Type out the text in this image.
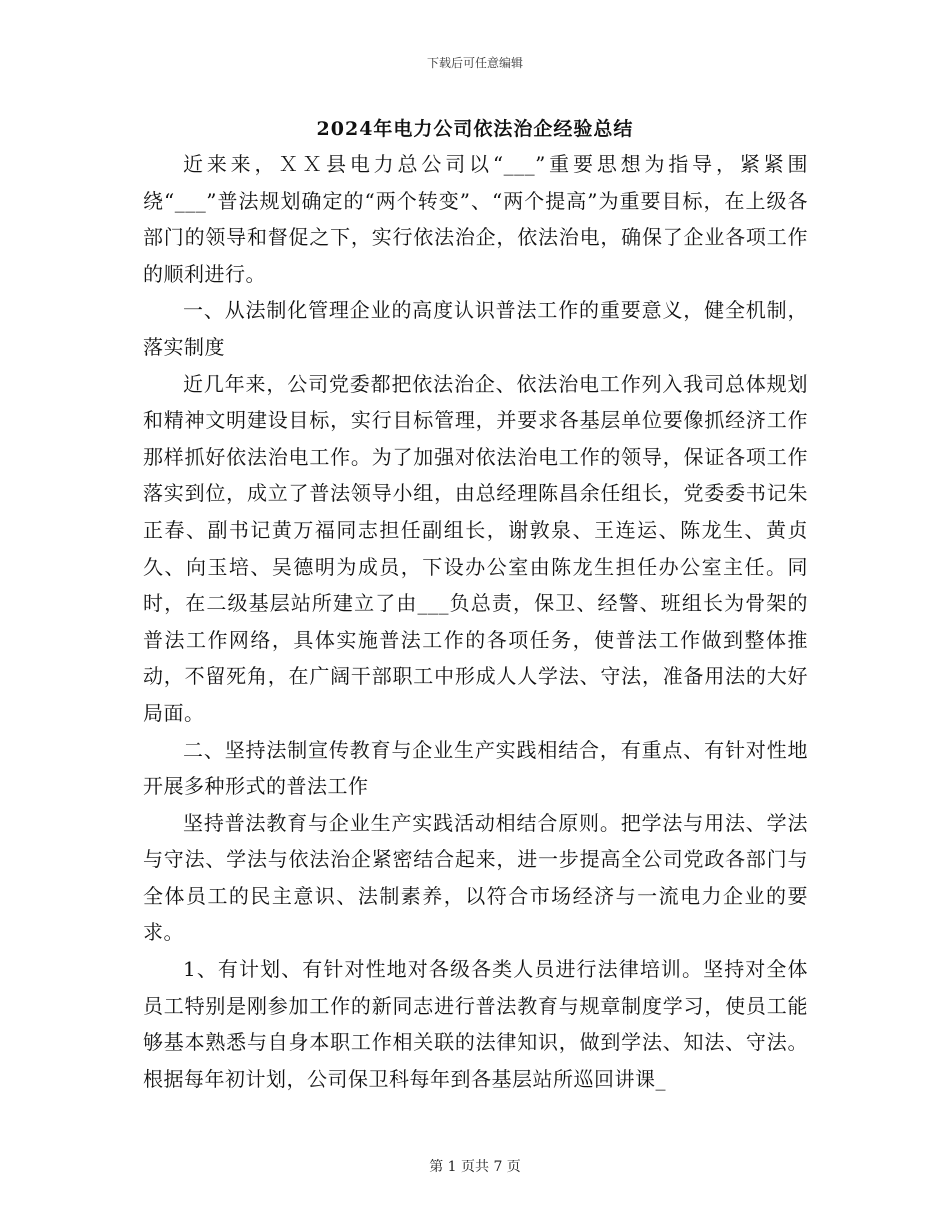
下载后可任意编辑
2024年电力公司依法治企经验总结

近来来，ＸＸ县电力总公司以“___”重要思想为指导，紧紧围绕“___”普法规划确定的“两个转变”、“两个提高”为重要目标，在上级各部门的领导和督促之下，实行依法治企，依法治电，确保了企业各项工作的顺利进行。

一、从法制化管理企业的高度认识普法工作的重要意义，健全机制，落实制度

近几年来，公司党委都把依法治企、依法治电工作列入我司总体规划和精神文明建设目标，实行目标管理，并要求各基层单位要像抓经济工作那样抓好依法治电工作。为了加强对依法治电工作的领导，保证各项工作落实到位，成立了普法领导小组，由总经理陈昌余任组长，党委委书记朱正春、副书记黄万福同志担任副组长，谢敦泉、王连运、陈龙生、黄贞久、向玉培、吴德明为成员，下设办公室由陈龙生担任办公室主任。同时，在二级基层站所建立了由___负总责，保卫、经警、班组长为骨架的普法工作网络，具体实施普法工作的各项任务，使普法工作做到整体推动，不留死角，在广阔干部职工中形成人人学法、守法，准备用法的大好局面。

二、坚持法制宣传教育与企业生产实践相结合，有重点、有针对性地开展多种形式的普法工作

坚持普法教育与企业生产实践活动相结合原则。把学法与用法、学法与守法、学法与依法治企紧密结合起来，进一步提高全公司党政各部门与全体员工的民主意识、法制素养，以符合市场经济与一流电力企业的要求。

1、有计划、有针对性地对各级各类人员进行法律培训。坚持对全体员工特别是刚参加工作的新同志进行普法教育与规章制度学习，使员工能够基本熟悉与自身本职工作相关联的法律知识，做到学法、知法、守法。根据每年初计划，公司保卫科每年到各基层站所巡回讲课_

第 1 页共 7 页
